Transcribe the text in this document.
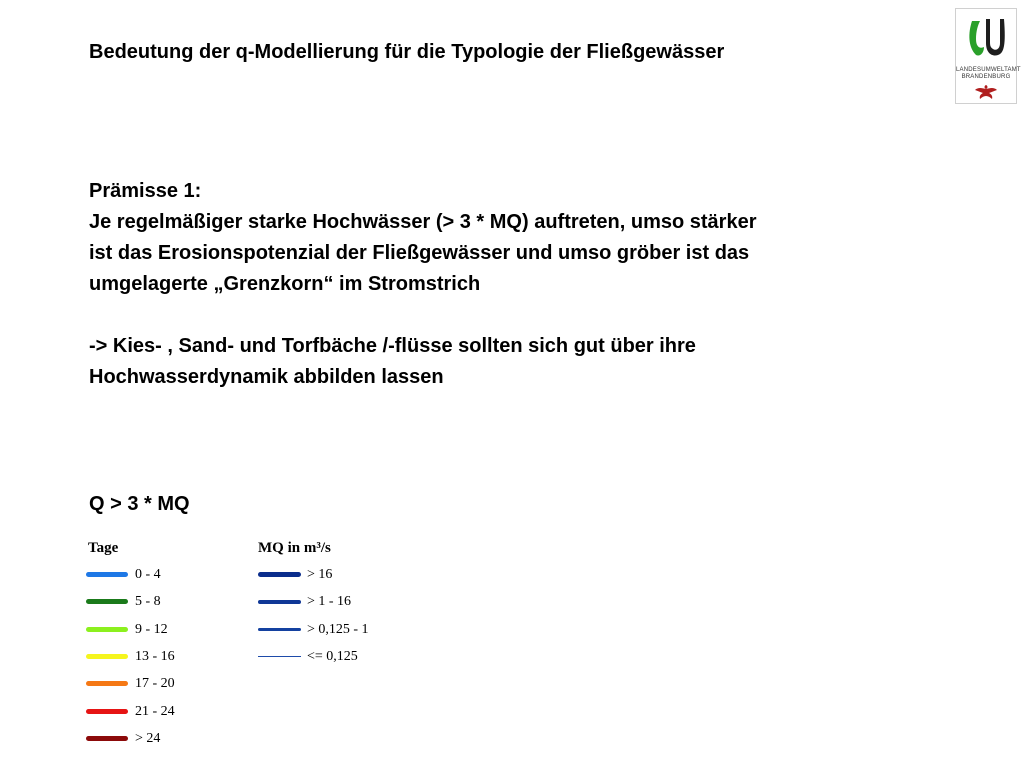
Bedeutung der q-Modellierung für die Typologie der Fließgewässer
LANDESUMWELTAMT
BRANDENBURG
Prämisse 1:
Je regelmäßiger starke Hochwässer (> 3 * MQ) auftreten, umso stärker
ist das Erosionspotenzial der Fließgewässer und umso gröber ist das
umgelagerte „Grenzkorn“ im Stromstrich
-> Kies- , Sand- und Torfbäche /-flüsse sollten sich gut über ihre
Hochwasserdynamik abbilden lassen
Q > 3 * MQ
Tage
0 - 4
5 - 8
9 - 12
13 - 16
17 - 20
21 - 24
> 24
MQ in m³/s
> 16
> 1 - 16
> 0,125 - 1
<= 0,125
